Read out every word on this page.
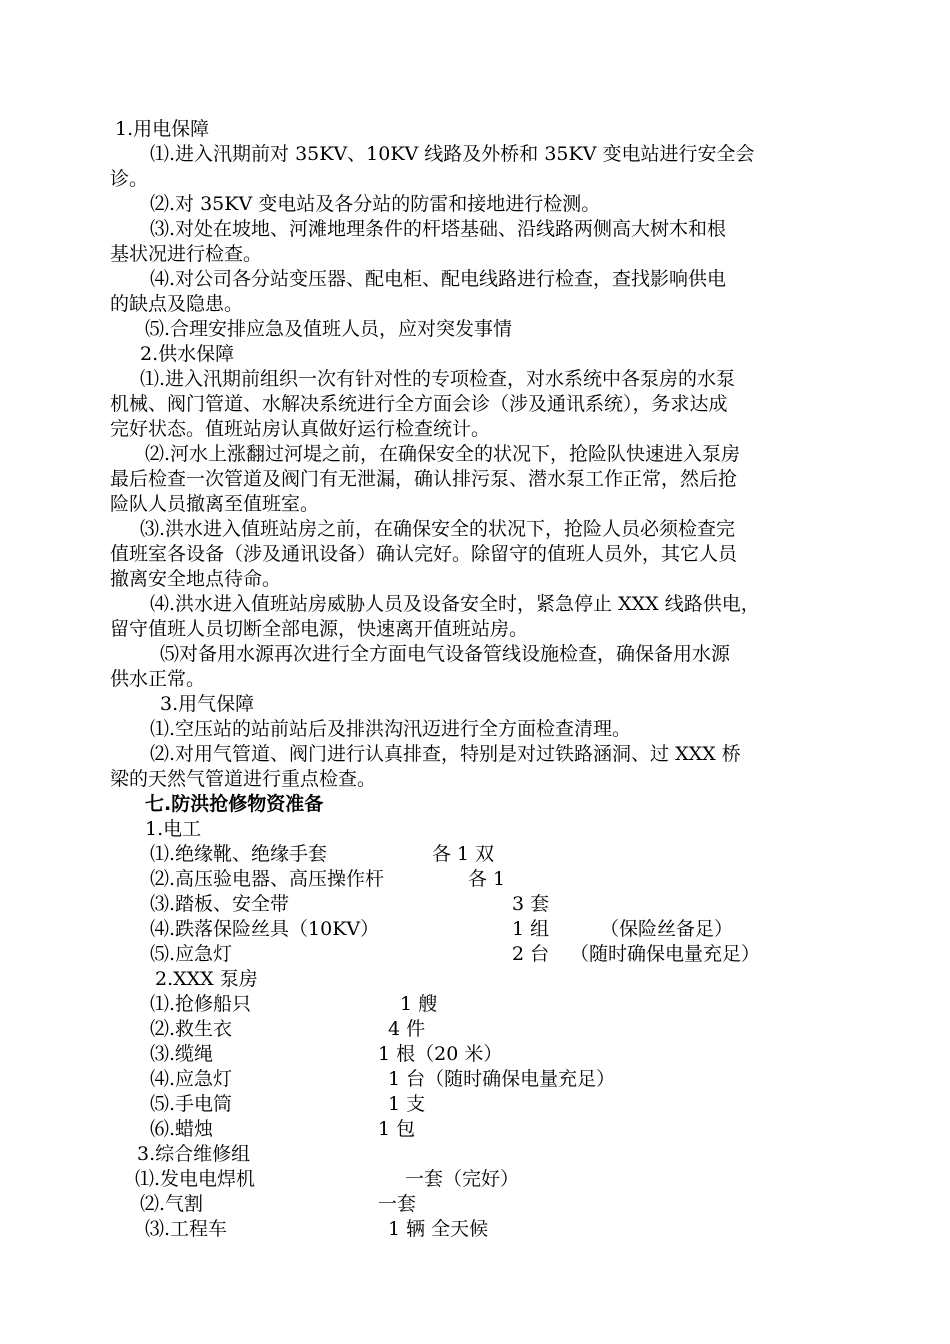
1.用电保障
⑴.进入汛期前对 35KV、10KV 线路及外桥和 35KV 变电站进行安全会
诊。
⑵.对 35KV 变电站及各分站的防雷和接地进行检测。
⑶.对处在坡地、河滩地理条件的杆塔基础、沿线路两侧高大树木和根
基状况进行检查。
⑷.对公司各分站变压器、配电柜、配电线路进行检查，查找影响供电
的缺点及隐患。
⑸.合理安排应急及值班人员，应对突发事情
2.供水保障
⑴.进入汛期前组织一次有针对性的专项检查，对水系统中各泵房的水泵
机械、阀门管道、水解决系统进行全方面会诊（涉及通讯系统），务求达成
完好状态。值班站房认真做好运行检查统计。
⑵.河水上涨翻过河堤之前，在确保安全的状况下，抢险队快速进入泵房
最后检查一次管道及阀门有无泄漏，确认排污泵、潜水泵工作正常，然后抢
险队人员撤离至值班室。
⑶.洪水进入值班站房之前，在确保安全的状况下，抢险人员必须检查完
值班室各设备（涉及通讯设备）确认完好。除留守的值班人员外，其它人员
撤离安全地点待命。
⑷.洪水进入值班站房威胁人员及设备安全时，紧急停止 XXX 线路供电，
留守值班人员切断全部电源，快速离开值班站房。
⑸对备用水源再次进行全方面电气设备管线设施检查，确保备用水源
供水正常。
3.用气保障
⑴.空压站的站前站后及排洪沟汛迈进行全方面检查清理。
⑵.对用气管道、阀门进行认真排查，特别是对过铁路涵洞、过 XXX 桥
梁的天然气管道进行重点检查。
七.防洪抢修物资准备
1.电工
⑴.绝缘靴、绝缘手套	各 1 双
⑵.高压验电器、高压操作杆	各 1
⑶.踏板、安全带	3 套
⑷.跌落保险丝具（10KV）	1 组	（保险丝备足）
⑸.应急灯	2 台 （随时确保电量充足）
2.XXX 泵房
⑴.抢修船只	1 艘
⑵.救生衣	4 件
⑶.缆绳	1 根（20 米）
⑷.应急灯	1 台（随时确保电量充足）
⑸.手电筒	1 支
⑹.蜡烛	1 包
3.综合维修组
⑴.发电电焊机	一套（完好）
⑵.气割	一套
⑶.工程车	1 辆 全天候
